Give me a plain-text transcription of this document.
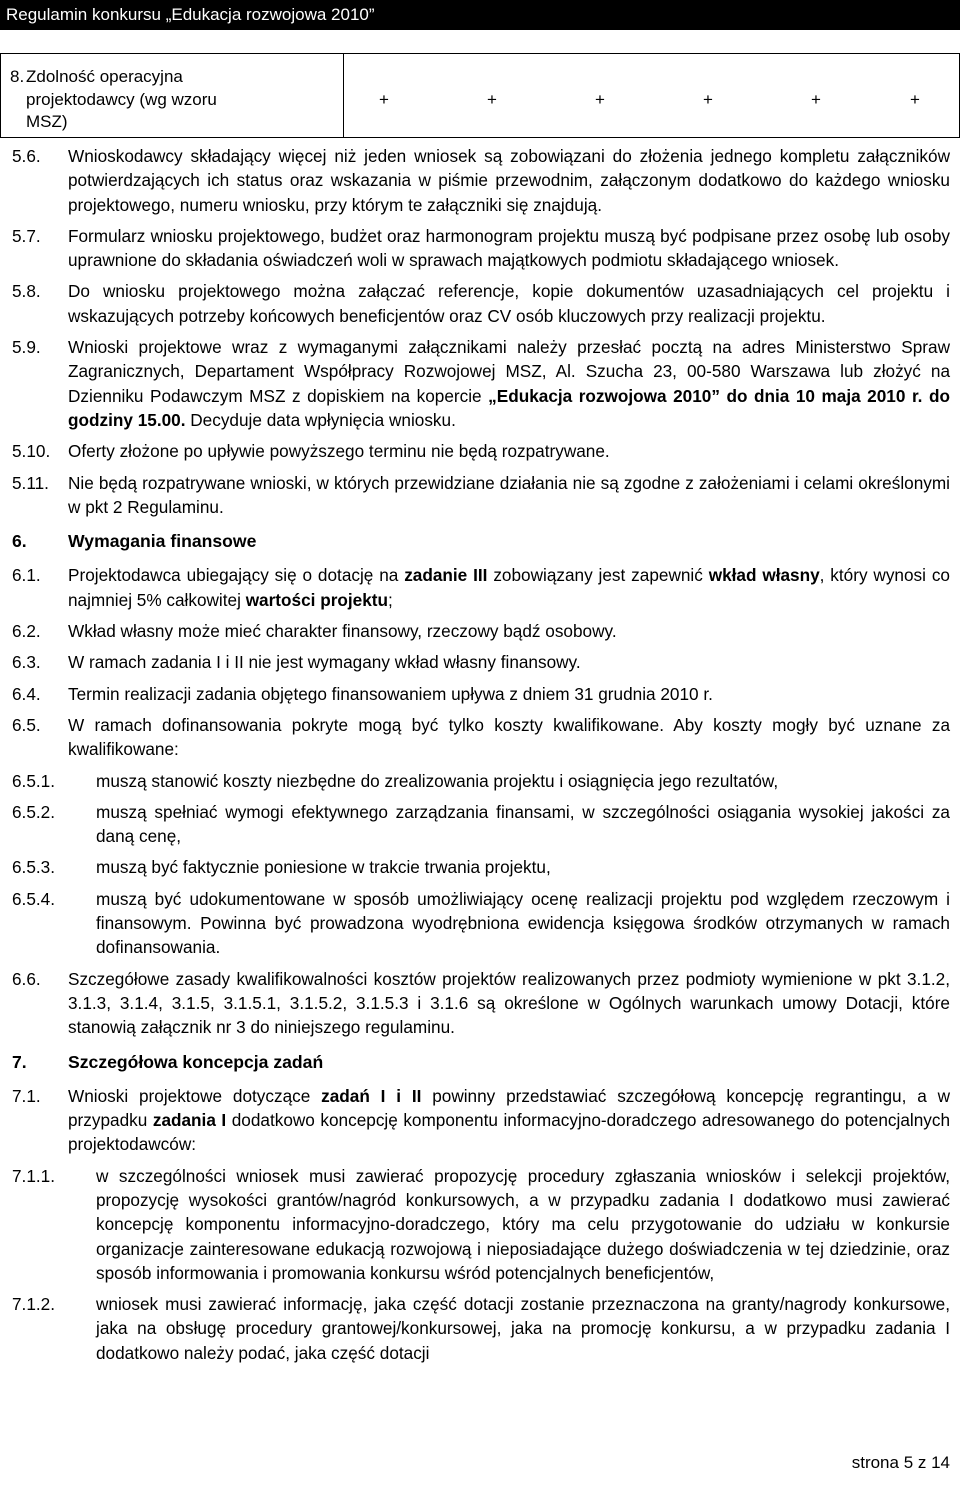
Regulamin konkursu „Edukacja rozwojowa 2010”
8. Zdolność operacyjna
projektodawcy (wg wzoru
MSZ)
+	+	+	+	+	+
5.6.	Wnioskodawcy składający więcej niż jeden wniosek są zobowiązani do złożenia jednego kompletu załączników potwierdzających ich status oraz wskazania w piśmie przewodnim, załączonym dodatkowo do każdego wniosku projektowego, numeru wniosku, przy którym te załączniki się znajdują.
5.7.	Formularz wniosku projektowego, budżet oraz harmonogram projektu muszą być podpisane przez osobę lub osoby uprawnione do składania oświadczeń woli w sprawach majątkowych podmiotu składającego wniosek.
5.8.	Do wniosku projektowego można załączać referencje, kopie dokumentów uzasadniających cel projektu i wskazujących potrzeby końcowych beneficjentów oraz CV osób kluczowych przy realizacji projektu.
5.9.	Wnioski projektowe wraz z wymaganymi załącznikami należy przesłać pocztą na adres Ministerstwo Spraw Zagranicznych, Departament Współpracy Rozwojowej MSZ, Al. Szucha 23, 00-580 Warszawa lub złożyć na Dzienniku Podawczym MSZ z dopiskiem na kopercie „Edukacja rozwojowa 2010” do dnia 10 maja 2010 r. do godziny 15.00. Decyduje data wpłynięcia wniosku.
5.10.	Oferty złożone po upływie powyższego terminu nie będą rozpatrywane.
5.11.	Nie będą rozpatrywane wnioski, w których przewidziane działania nie są zgodne z założeniami i celami określonymi w pkt 2 Regulaminu.
6.	Wymagania finansowe
6.1.	Projektodawca ubiegający się o dotację na zadanie III zobowiązany jest zapewnić wkład własny, który wynosi co najmniej 5% całkowitej wartości projektu;
6.2.	Wkład własny może mieć charakter finansowy, rzeczowy bądź osobowy.
6.3.	W ramach zadania I i II nie jest wymagany wkład własny finansowy.
6.4.	Termin realizacji zadania objętego finansowaniem upływa z dniem 31 grudnia 2010 r.
6.5.	W ramach dofinansowania pokryte mogą być tylko koszty kwalifikowane. Aby koszty mogły być uznane za kwalifikowane:
6.5.1.	muszą stanowić koszty niezbędne do zrealizowania projektu i osiągnięcia jego rezultatów,
6.5.2.	muszą spełniać wymogi efektywnego zarządzania finansami, w szczególności osiągania wysokiej jakości za daną cenę,
6.5.3.	muszą być faktycznie poniesione w trakcie trwania projektu,
6.5.4.	muszą być udokumentowane w sposób umożliwiający ocenę realizacji projektu pod względem rzeczowym i finansowym. Powinna być prowadzona wyodrębniona ewidencja księgowa środków otrzymanych w ramach dofinansowania.
6.6.	Szczegółowe zasady kwalifikowalności kosztów projektów realizowanych przez podmioty wymienione w pkt 3.1.2, 3.1.3, 3.1.4, 3.1.5, 3.1.5.1, 3.1.5.2, 3.1.5.3 i 3.1.6 są określone w Ogólnych warunkach umowy Dotacji, które stanowią załącznik nr 3 do niniejszego regulaminu.
7.	Szczegółowa koncepcja zadań
7.1.	Wnioski projektowe dotyczące zadań I i II powinny przedstawiać szczegółową koncepcję regrantingu, a w przypadku zadania I dodatkowo koncepcję komponentu informacyjno-doradczego adresowanego do potencjalnych projektodawców:
7.1.1.	w szczególności wniosek musi zawierać propozycję procedury zgłaszania wniosków i selekcji projektów, propozycję wysokości grantów/nagród konkursowych, a w przypadku zadania I dodatkowo musi zawierać koncepcję komponentu informacyjno-doradczego, który ma celu przygotowanie do udziału w konkursie organizacje zainteresowane edukacją rozwojową i nieposiadające dużego doświadczenia w tej dziedzinie, oraz sposób informowania i promowania konkursu wśród potencjalnych beneficjentów,
7.1.2.	wniosek musi zawierać informację, jaka część dotacji zostanie przeznaczona na granty/nagrody konkursowe, jaka na obsługę procedury grantowej/konkursowej, jaka na promocję konkursu, a w przypadku zadania I dodatkowo należy podać, jaka część dotacji
strona 5 z 14
